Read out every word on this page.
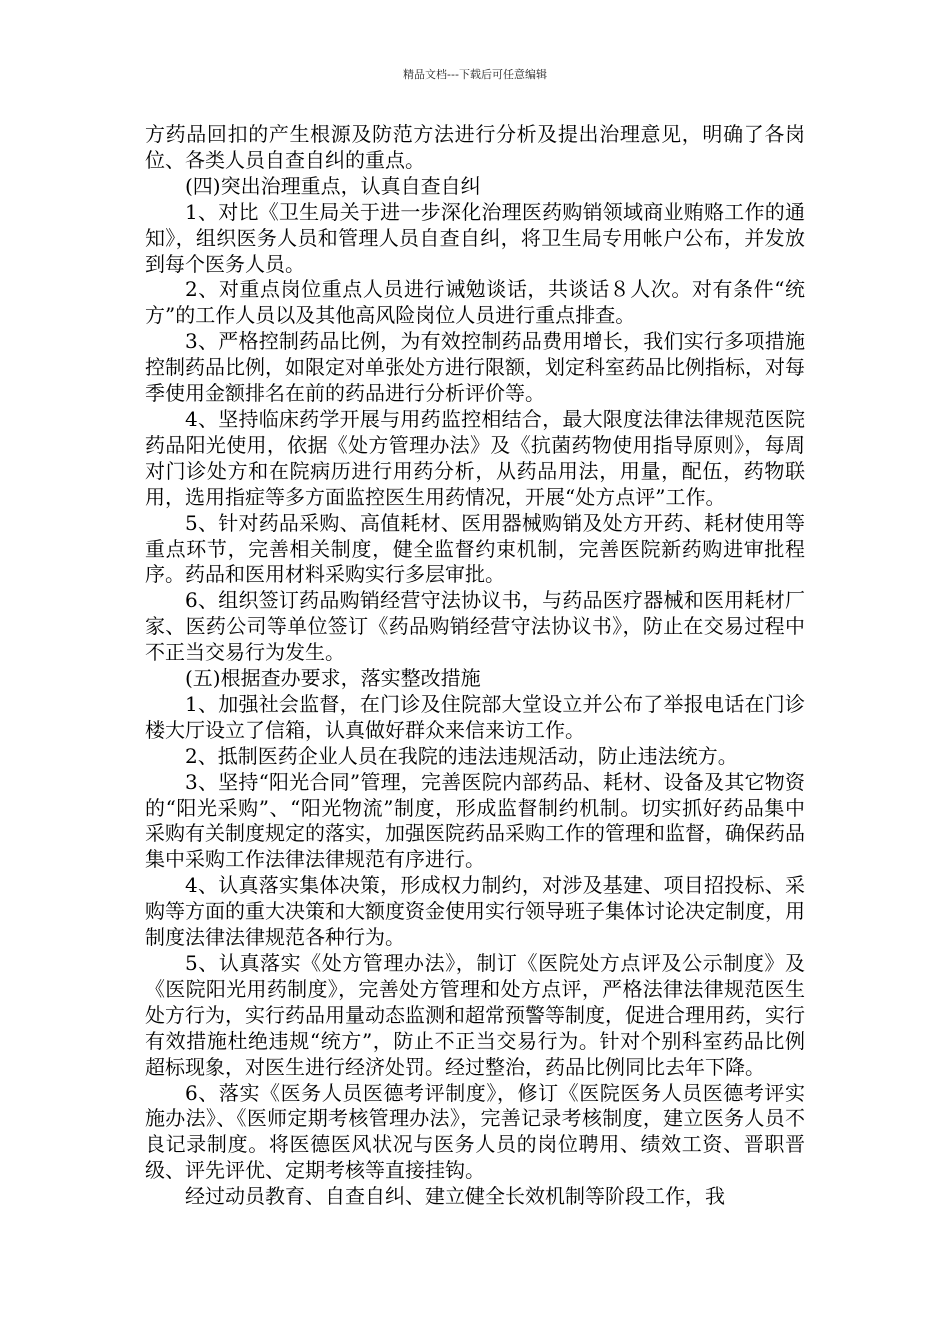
精品文档---下载后可任意编辑

方药品回扣的产生根源及防范方法进行分析及提出治理意见，明确了各岗位、各类人员自查自纠的重点。

(四)突出治理重点，认真自查自纠

1、对比《卫生局关于进一步深化治理医药购销领域商业贿赂工作的通知》，组织医务人员和管理人员自查自纠，将卫生局专用帐户公布，并发放到每个医务人员。

2、对重点岗位重点人员进行诫勉谈话，共谈话８人次。对有条件“统方”的工作人员以及其他高风险岗位人员进行重点排查。

3、严格控制药品比例，为有效控制药品费用增长，我们实行多项措施控制药品比例，如限定对单张处方进行限额，划定科室药品比例指标，对每季使用金额排名在前的药品进行分析评价等。

4、坚持临床药学开展与用药监控相结合，最大限度法律法律规范医院药品阳光使用，依据《处方管理办法》及《抗菌药物使用指导原则》，每周对门诊处方和在院病历进行用药分析，从药品用法，用量，配伍，药物联用，选用指症等多方面监控医生用药情况，开展“处方点评”工作。

5、针对药品采购、高值耗材、医用器械购销及处方开药、耗材使用等重点环节，完善相关制度，健全监督约束机制，完善医院新药购进审批程序。药品和医用材料采购实行多层审批。

6、组织签订药品购销经营守法协议书，与药品医疗器械和医用耗材厂家、医药公司等单位签订《药品购销经营守法协议书》，防止在交易过程中不正当交易行为发生。

(五)根据查办要求，落实整改措施

1、加强社会监督，在门诊及住院部大堂设立并公布了举报电话在门诊楼大厅设立了信箱，认真做好群众来信来访工作。

2、抵制医药企业人员在我院的违法违规活动，防止违法统方。

3、坚持“阳光合同”管理，完善医院内部药品、耗材、设备及其它物资的“阳光采购”、“阳光物流”制度，形成监督制约机制。切实抓好药品集中采购有关制度规定的落实，加强医院药品采购工作的管理和监督，确保药品集中采购工作法律法律规范有序进行。

4、认真落实集体决策，形成权力制约，对涉及基建、项目招投标、采购等方面的重大决策和大额度资金使用实行领导班子集体讨论决定制度，用制度法律法律规范各种行为。

5、认真落实《处方管理办法》，制订《医院处方点评及公示制度》及《医院阳光用药制度》，完善处方管理和处方点评，严格法律法律规范医生处方行为，实行药品用量动态监测和超常预警等制度，促进合理用药，实行有效措施杜绝违规“统方”，防止不正当交易行为。针对个别科室药品比例超标现象，对医生进行经济处罚。经过整治，药品比例同比去年下降。

6、落实《医务人员医德考评制度》，修订《医院医务人员医德考评实施办法》、《医师定期考核管理办法》，完善记录考核制度，建立医务人员不良记录制度。将医德医风状况与医务人员的岗位聘用、绩效工资、晋职晋级、评先评优、定期考核等直接挂钩。

经过动员教育、自查自纠、建立健全长效机制等阶段工作，我
